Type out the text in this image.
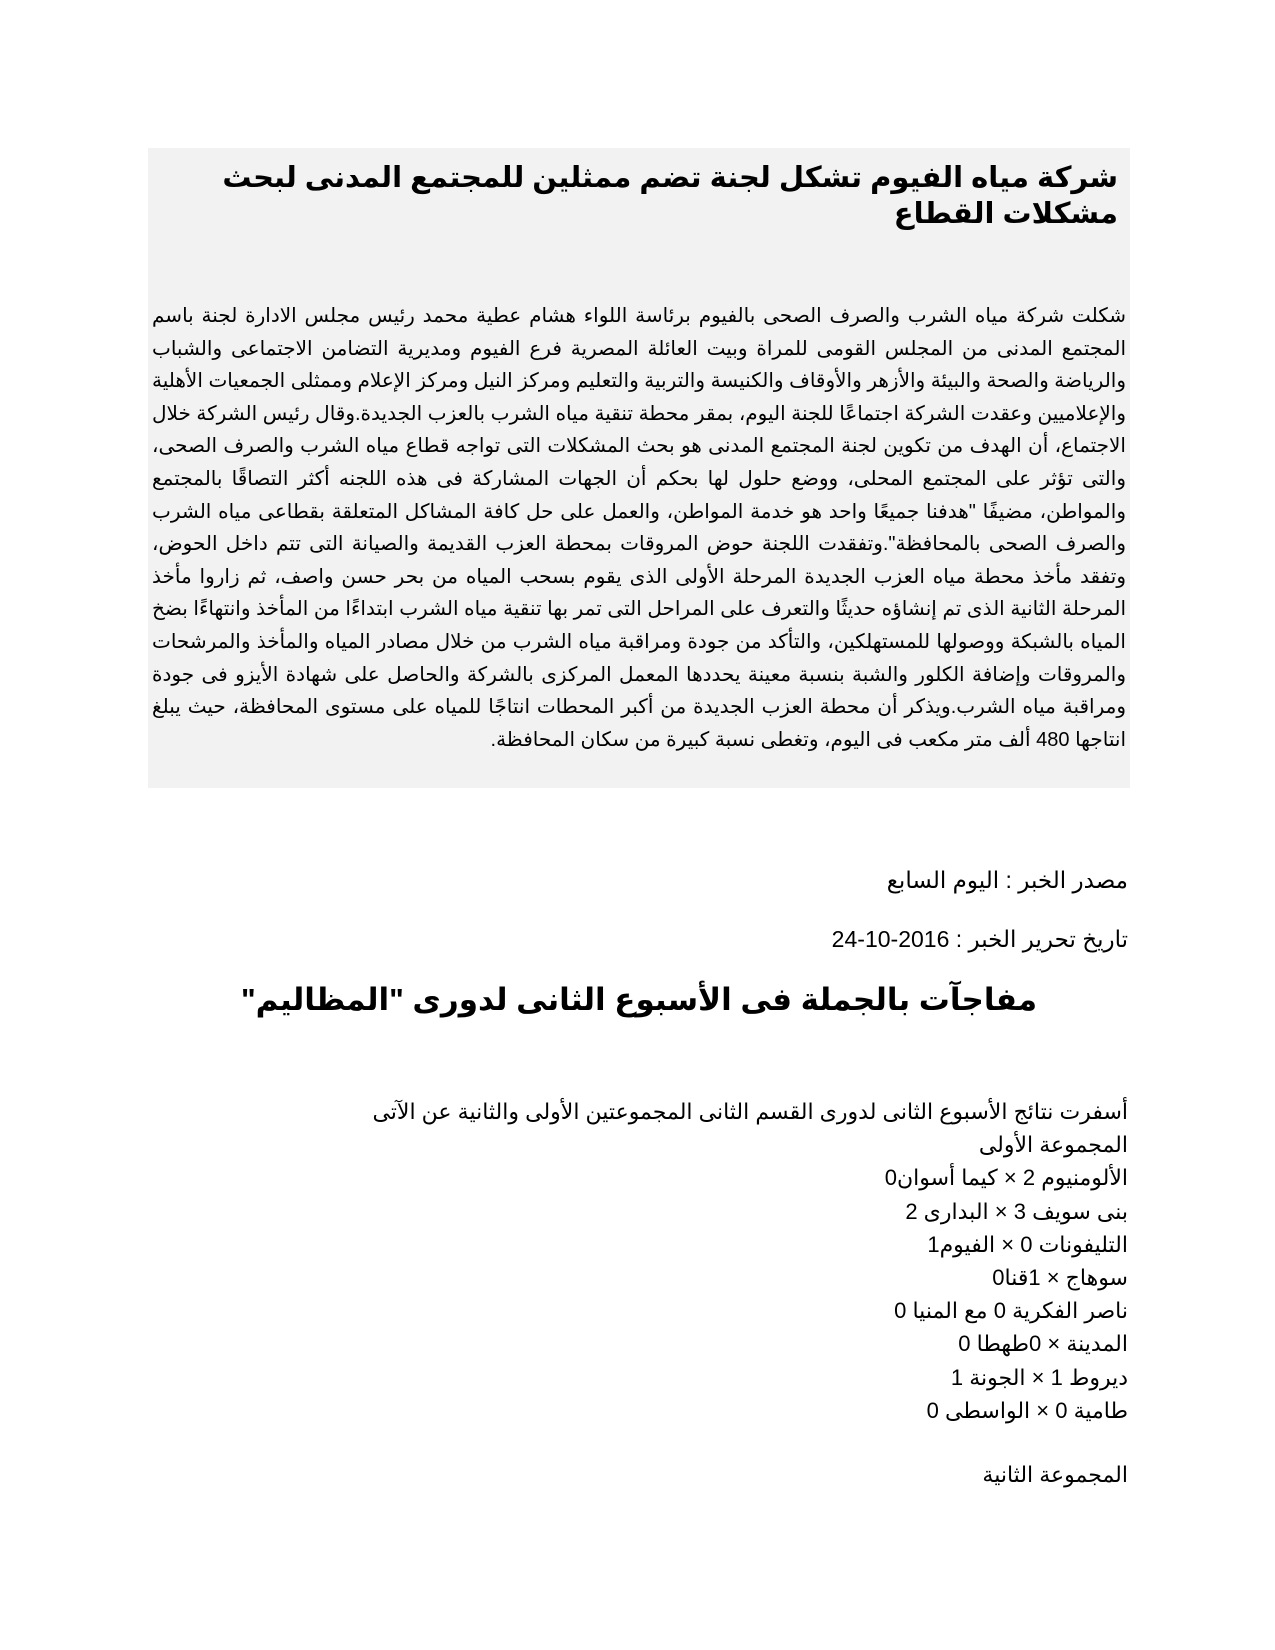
شركة مياه الفيوم تشكل لجنة تضم ممثلين للمجتمع المدنى لبحث مشكلات القطاع

شكلت شركة مياه الشرب والصرف الصحى بالفيوم برئاسة اللواء هشام عطية محمد رئيس مجلس الادارة لجنة باسم المجتمع المدنى من المجلس القومى للمراة وبيت العائلة المصرية فرع الفيوم ومديرية التضامن الاجتماعى والشباب والرياضة والصحة والبيئة والأزهر والأوقاف والكنيسة والتربية والتعليم ومركز النيل ومركز الإعلام وممثلى الجمعيات الأهلية والإعلاميين وعقدت الشركة اجتماعًا للجنة اليوم، بمقر محطة تنقية مياه الشرب بالعزب الجديدة.وقال رئيس الشركة خلال الاجتماع، أن الهدف من تكوين لجنة المجتمع المدنى هو بحث المشكلات التى تواجه قطاع مياه الشرب والصرف الصحى، والتى تؤثر على المجتمع المحلى، ووضع حلول لها بحكم أن الجهات المشاركة فى هذه اللجنه أكثر التصاقًا بالمجتمع والمواطن، مضيفًا "هدفنا جميعًا واحد هو خدمة المواطن، والعمل على حل كافة المشاكل المتعلقة بقطاعى مياه الشرب والصرف الصحى بالمحافظة".وتفقدت اللجنة حوض المروقات بمحطة العزب القديمة والصيانة التى تتم داخل الحوض، وتفقد مأخذ محطة مياه العزب الجديدة المرحلة الأولى الذى يقوم بسحب المياه من بحر حسن واصف، ثم زاروا مأخذ المرحلة الثانية الذى تم إنشاؤه حديثًا والتعرف على المراحل التى تمر بها تنقية مياه الشرب ابتداءًا من المأخذ وانتهاءًا بضخ المياه بالشبكة ووصولها للمستهلكين، والتأكد من جودة ومراقبة مياه الشرب من خلال مصادر المياه والمأخذ والمرشحات والمروقات وإضافة الكلور والشبة بنسبة معينة يحددها المعمل المركزى بالشركة والحاصل على شهادة الأيزو فى جودة ومراقبة مياه الشرب.ويذكر أن محطة العزب الجديدة من أكبر المحطات انتاجًا للمياه على مستوى المحافظة، حيث يبلغ انتاجها 480 ألف متر مكعب فى اليوم، وتغطى نسبة كبيرة من سكان المحافظة.

مصدر الخبر : اليوم السابع
تاريخ تحرير الخبر : 2016-10-24
مفاجآت بالجملة فى الأسبوع الثانى لدورى "المظاليم"
أسفرت نتائج الأسبوع الثانى لدورى القسم الثانى المجموعتين الأولى والثانية عن الآتى
المجموعة الأولى
الألومنيوم 2 × كيما أسوان0
بنى سويف 3 × البدارى 2
التليفونات 0 × الفيوم1
سوهاج × 1قنا0
ناصر الفكرية 0 مع المنيا 0
المدينة × 0طهطا 0
ديروط 1 × الجونة 1
طامية 0 × الواسطى 0
المجموعة الثانية
